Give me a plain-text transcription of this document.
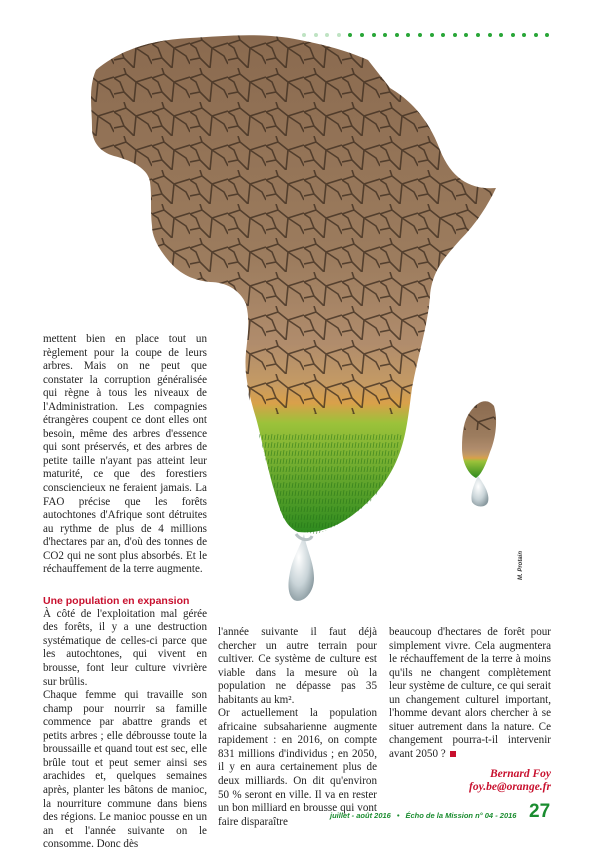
M. Protain

mettent bien en place tout un règlement pour la coupe de leurs arbres. Mais on ne peut que constater la corruption généralisée qui règne à tous les niveaux de l'Administration. Les compagnies étrangères coupent ce dont elles ont besoin, même des arbres d'essence qui sont préservés, et des arbres de petite taille n'ayant pas atteint leur maturité, ce que des forestiers consciencieux ne feraient jamais. La FAO précise que les forêts autochtones d'Afrique sont détruites au rythme de plus de 4 millions d'hectares par an, d'où des tonnes de CO2 qui ne sont plus absorbés. Et le réchauffement de la terre augmente.

Une population en expansion

À côté de l'exploitation mal gérée des forêts, il y a une destruction systématique de celles-ci parce que les autochtones, qui vivent en brousse, font leur culture vivrière sur brûlis.

Chaque femme qui travaille son champ pour nourrir sa famille commence par abattre grands et petits arbres ; elle débrousse toute la broussaille et quand tout est sec, elle brûle tout et peut semer ainsi ses arachides et, quelques semaines après, planter les bâtons de manioc, la nourriture commune dans biens des régions. Le manioc pousse en un an et l'année suivante on le consomme. Donc dès

l'année suivante il faut déjà chercher un autre terrain pour cultiver. Ce système de culture est viable dans la mesure où la population ne dépasse pas 35 habitants au km².

Or actuellement la population africaine subsaharienne augmente rapidement : en 2016, on compte 831 millions d'individus ; en 2050, il y en aura certainement plus de deux milliards. On dit qu'environ 50 % seront en ville. Il va en rester un bon milliard en brousse qui vont faire disparaître

beaucoup d'hectares de forêt pour simplement vivre. Cela augmentera le réchauffement de la terre à moins qu'ils ne changent complètement leur système de culture, ce qui serait un changement culturel important, l'homme devant alors chercher à se situer autrement dans la nature. Ce changement pourra-t-il intervenir avant 2050 ?

Bernard Foy
foy.be@orange.fr
juillet - août 2016 • Écho de la Mission n° 04 - 2016 27
